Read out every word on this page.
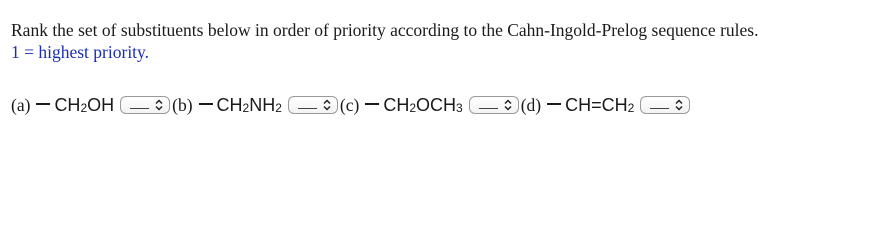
Rank the set of substituents below in order of priority according to the Cahn-Ingold-Prelog sequence rules.
1 = highest priority.
(a) $CH_2$ OH	(b) $CH_2$ $NH_2$	(c) $CH_2$ $OCH_3$	(d) $CH=CH_2$
